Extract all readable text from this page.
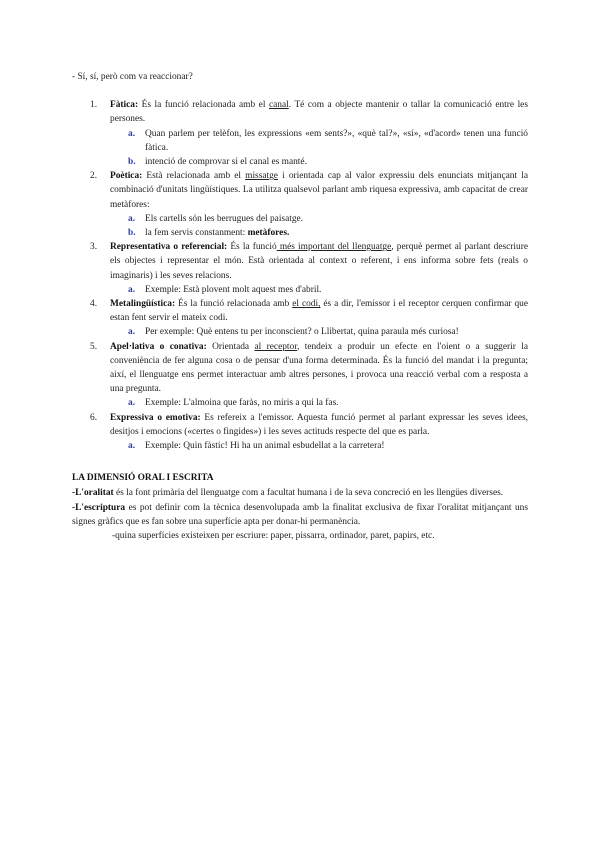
- Sí, sí, però com va reaccionar?

1. Fàtica: És la funció relacionada amb el canal. Té com a objecte mantenir o tallar la comunicació entre les persones.
a. Quan parlem per telèfon, les expressions «em sents?», «què tal?», «sí», «d'acord» tenen una funció fàtica.
b. intenció de comprovar si el canal es manté.
2. Poètica: Està relacionada amb el missatge i orientada cap al valor expressiu dels enunciats mitjançant la combinació d'unitats lingüístiques. La utilitza qualsevol parlant amb riquesa expressiva, amb capacitat de crear metàfores:
a. Els cartells són les berrugues del paisatge.
b. la fem servis constanment: metàfores.
3. Representativa o referencial: És la funció més important del llenguatge, perquè permet al parlant descriure els objectes i representar el món. Està orientada al context o referent, i ens informa sobre fets (reals o imaginaris) i les seves relacions.
a. Exemple: Està plovent molt aquest mes d'abril.
4. Metalingüística: És la funció relacionada amb el codi, és a dir, l'emissor i el receptor cerquen confirmar que estan fent servir el mateix codi.
a. Per exemple: Què entens tu per inconscient? o Llibertat, quina paraula més curiosa!
5. Apel·lativa o conativa: Orientada al receptor, tendeix a produir un efecte en l'oient o a suggerir la conveniència de fer alguna cosa o de pensar d'una forma determinada. És la funció del mandat i la pregunta; així, el llenguatge ens permet interactuar amb altres persones, i provoca una reacció verbal com a resposta a una pregunta.
a. Exemple: L'almoina que faràs, no miris a qui la fas.
6. Expressiva o emotiva: Es refereix a l'emissor. Aquesta funció permet al parlant expressar les seves idees, desitjos i emocions («certes o fingides») i les seves actituds respecte del que es parla.
a. Exemple: Quin fàstic! Hi ha un animal esbudellat a la carretera!

LA DIMENSIÓ ORAL I ESCRITA

-L'oralitat és la font primària del llenguatge com a facultat humana i de la seva concreció en les llengües diverses.

-L'escriptura es pot definir com la tècnica desenvolupada amb la finalitat exclusiva de fixar l'oralitat mitjançant uns signes gràfics que es fan sobre una superfície apta per donar-hi permanència.

-quina superfícies existeixen per escriure: paper, pissarra, ordinador, paret, papirs, etc.
